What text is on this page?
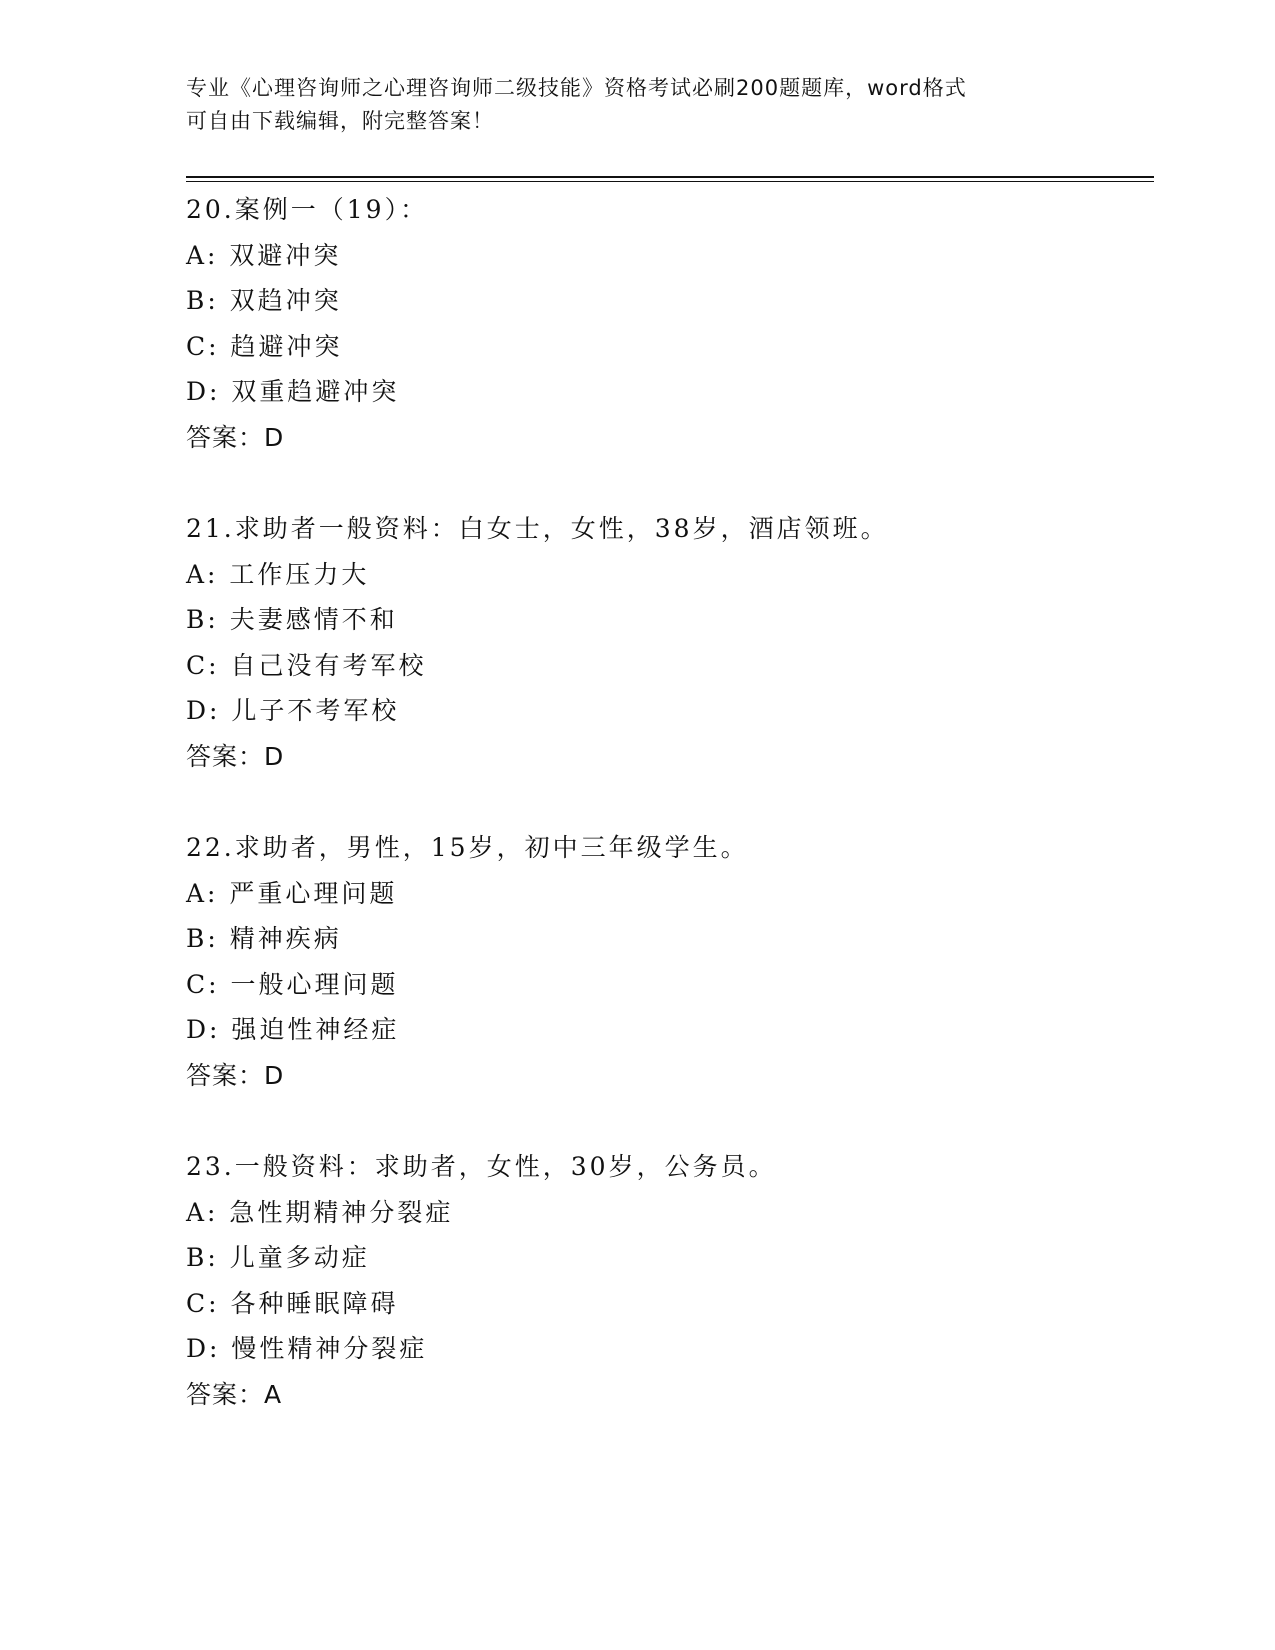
专业《心理咨询师之心理咨询师二级技能》资格考试必刷200题题库，word格式
可自由下载编辑，附完整答案！
20.案例一（19）：
A: 双避冲突
B: 双趋冲突
C: 趋避冲突
D: 双重趋避冲突
答案：D
21.求助者一般资料：白女士，女性，38岁，酒店领班。
A: 工作压力大
B: 夫妻感情不和
C: 自己没有考军校
D: 儿子不考军校
答案：D
22.求助者，男性，15岁，初中三年级学生。
A: 严重心理问题
B: 精神疾病
C: 一般心理问题
D: 强迫性神经症
答案：D
23.一般资料：求助者，女性，30岁，公务员。
A: 急性期精神分裂症
B: 儿童多动症
C: 各种睡眠障碍
D: 慢性精神分裂症
答案：A
